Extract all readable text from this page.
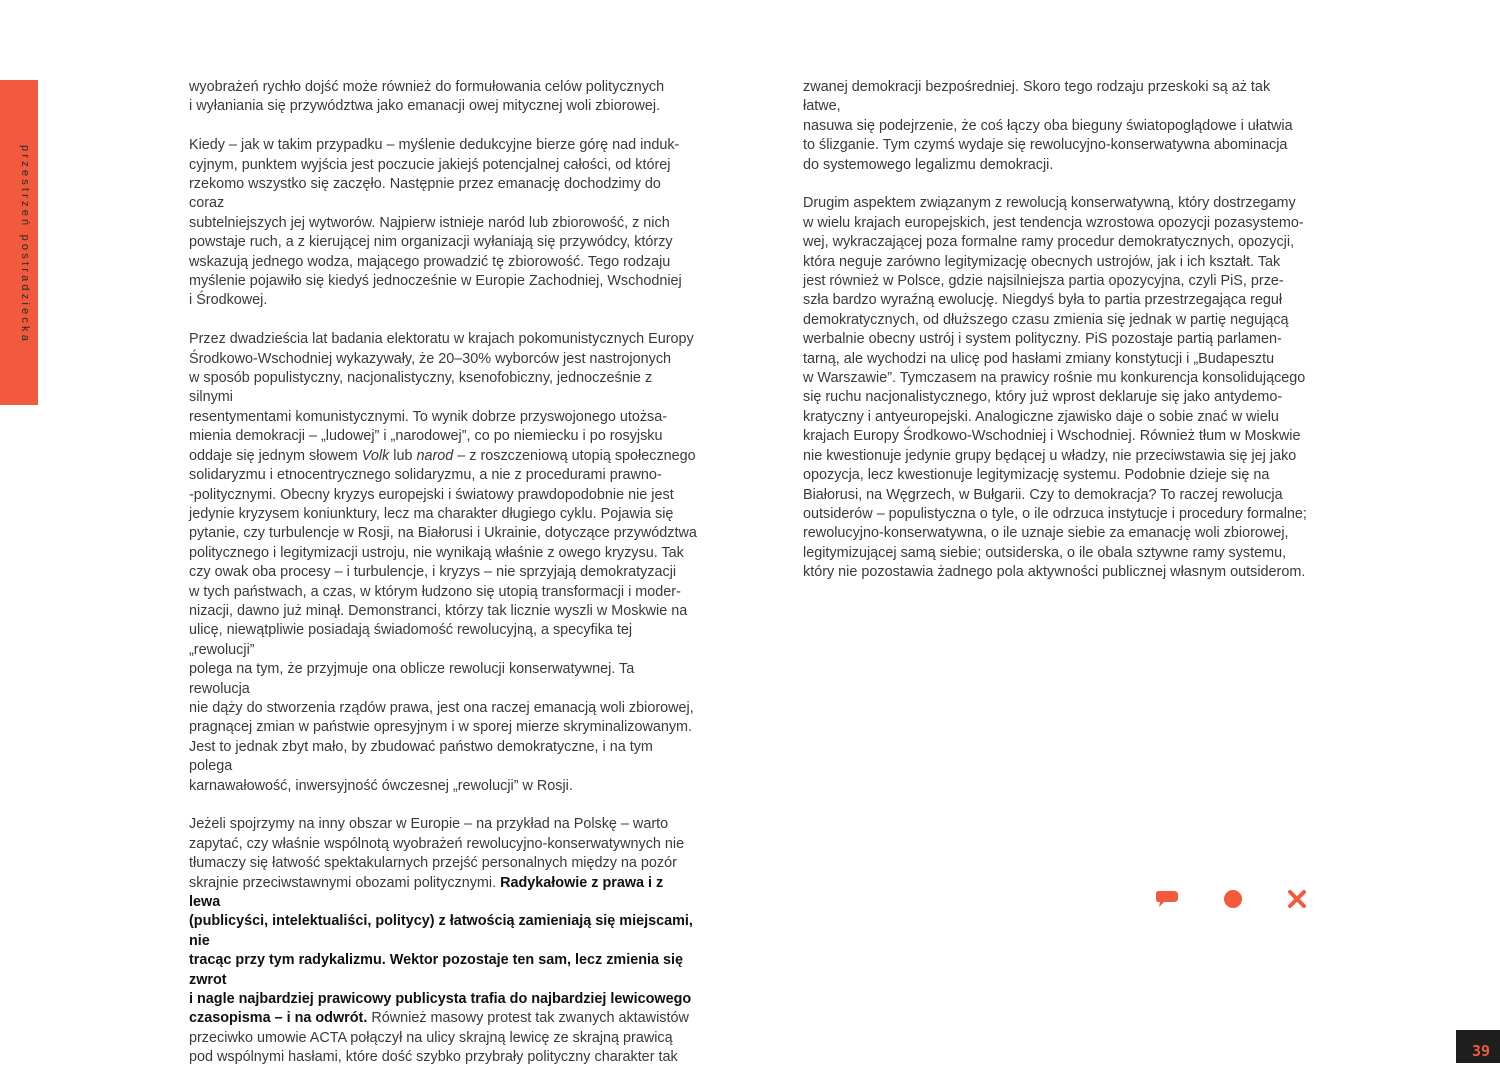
przestrzeń postradziecka

wyobrażeń rychło dojść może również do formułowania celów politycznych
i wyłaniania się przywództwa jako emanacji owej mitycznej woli zbiorowej.

Kiedy – jak w takim przypadku – myślenie dedukcyjne bierze górę nad induk-
cyjnym, punktem wyjścia jest poczucie jakiejś potencjalnej całości, od której
rzekomo wszystko się zaczęło. Następnie przez emanację dochodzimy do coraz
subtelniejszych jej wytworów. Najpierw istnieje naród lub zbiorowość, z nich
powstaje ruch, a z kierującej nim organizacji wyłaniają się przywódcy, którzy
wskazują jednego wodza, mającego prowadzić tę zbiorowość. Tego rodzaju
myślenie pojawiło się kiedyś jednocześnie w Europie Zachodniej, Wschodniej
i Środkowej.

Przez dwadzieścia lat badania elektoratu w krajach pokomunistycznych Europy
Środkowo-Wschodniej wykazywały, że 20–30% wyborców jest nastrojonych
w sposób populistyczny, nacjonalistyczny, ksenofobiczny, jednocześnie z silnymi
resentymentami komunistycznymi. To wynik dobrze przyswojonego utożsa-
mienia demokracji – „ludowej” i „narodowej”, co po niemiecku i po rosyjsku
oddaje się jednym słowem Volk lub narod – z roszczeniową utopią społecznego
solidaryzmu i etnocentrycznego solidaryzmu, a nie z procedurami prawno-
-politycznymi. Obecny kryzys europejski i światowy prawdopodobnie nie jest
jedynie kryzysem koniunktury, lecz ma charakter długiego cyklu. Pojawia się
pytanie, czy turbulencje w Rosji, na Białorusi i Ukrainie, dotyczące przywództwa
politycznego i legitymizacji ustroju, nie wynikają właśnie z owego kryzysu. Tak
czy owak oba procesy – i turbulencje, i kryzys – nie sprzyjają demokratyzacji
w tych państwach, a czas, w którym łudzono się utopią transformacji i moder-
nizacji, dawno już minął. Demonstranci, którzy tak licznie wyszli w Moskwie na
ulicę, niewątpliwie posiadają świadomość rewolucyjną, a specyfika tej „rewolucji”
polega na tym, że przyjmuje ona oblicze rewolucji konserwatywnej. Ta rewolucja
nie dąży do stworzenia rządów prawa, jest ona raczej emanacją woli zbiorowej,
pragnącej zmian w państwie opresyjnym i w sporej mierze skryminalizowanym.
Jest to jednak zbyt mało, by zbudować państwo demokratyczne, i na tym polega
karnawałowość, inwersyjność ówczesnej „rewolucji” w Rosji.

Jeżeli spojrzymy na inny obszar w Europie – na przykład na Polskę – warto
zapytać, czy właśnie wspólnotą wyobrażeń rewolucyjno-konserwatywnych nie
tłumaczy się łatwość spektakularnych przejść personalnych między na pozór
skrajnie przeciwstawnymi obozami politycznymi. Radykałowie z prawa i z lewa
(publicyści, intelektualiści, politycy) z łatwością zamieniają się miejscami, nie
tracąc przy tym radykalizmu. Wektor pozostaje ten sam, lecz zmienia się zwrot
i nagle najbardziej prawicowy publicysta trafia do najbardziej lewicowego
czasopisma – i na odwrót. Również masowy protest tak zwanych aktawistów
przeciwko umowie ACTA połączył na ulicy skrajną lewicę ze skrajną prawicą
pod wspólnymi hasłami, które dość szybko przybrały polityczny charakter tak

zwanej demokracji bezpośredniej. Skoro tego rodzaju przeskoki są aż tak łatwe,
nasuwa się podejrzenie, że coś łączy oba bieguny światopoglądowe i ułatwia
to ślizganie. Tym czymś wydaje się rewolucyjno-konserwatywna abominacja
do systemowego legalizmu demokracji.

Drugim aspektem związanym z rewolucją konserwatywną, który dostrzegamy
w wielu krajach europejskich, jest tendencja wzrostowa opozycji pozasystemo-
wej, wykraczającej poza formalne ramy procedur demokratycznych, opozycji,
która neguje zarówno legitymizację obecnych ustrojów, jak i ich kształt. Tak
jest również w Polsce, gdzie najsilniejsza partia opozycyjna, czyli PiS, prze-
szła bardzo wyraźną ewolucję. Niegdyś była to partia przestrzegająca reguł
demokratycznych, od dłuższego czasu zmienia się jednak w partię negującą
werbalnie obecny ustrój i system polityczny. PiS pozostaje partią parlamen-
tarną, ale wychodzi na ulicę pod hasłami zmiany konstytucji i „Budapesztu
w Warszawie”. Tymczasem na prawicy rośnie mu konkurencja konsolidującego
się ruchu nacjonalistycznego, który już wprost deklaruje się jako antydemo-
kratyczny i antyeuropejski. Analogiczne zjawisko daje o sobie znać w wielu
krajach Europy Środkowo-Wschodniej i Wschodniej. Również tłum w Moskwie
nie kwestionuje jedynie grupy będącej u władzy, nie przeciwstawia się jej jako
opozycja, lecz kwestionuje legitymizację systemu. Podobnie dzieje się na
Białorusi, na Węgrzech, w Bułgarii. Czy to demokracja? To raczej rewolucja
outsiderów – populistyczna o tyle, o ile odrzuca instytucje i procedury formalne;
rewolucyjno-konserwatywna, o ile uznaje siebie za emanację woli zbiorowej,
legitymizującej samą siebie; outsiderska, o ile obala sztywne ramy systemu,
który nie pozostawia żadnego pola aktywności publicznej własnym outsiderom.

39
